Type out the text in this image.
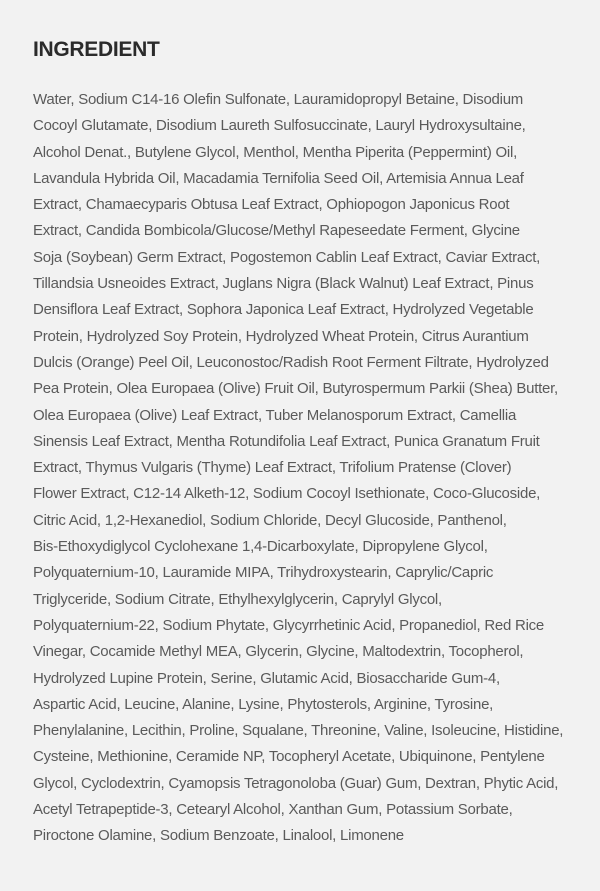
INGREDIENT

Water, Sodium C14-16 Olefin Sulfonate, Lauramidopropyl Betaine, Disodium
Cocoyl Glutamate, Disodium Laureth Sulfosuccinate, Lauryl Hydroxysultaine,
Alcohol Denat., Butylene Glycol, Menthol, Mentha Piperita (Peppermint) Oil,
Lavandula Hybrida Oil, Macadamia Ternifolia Seed Oil, Artemisia Annua Leaf
Extract, Chamaecyparis Obtusa Leaf Extract, Ophiopogon Japonicus Root
Extract, Candida Bombicola/Glucose/Methyl Rapeseedate Ferment, Glycine
Soja (Soybean) Germ Extract, Pogostemon Cablin Leaf Extract, Caviar Extract,
Tillandsia Usneoides Extract, Juglans Nigra (Black Walnut) Leaf Extract, Pinus
Densiflora Leaf Extract, Sophora Japonica Leaf Extract, Hydrolyzed Vegetable
Protein, Hydrolyzed Soy Protein, Hydrolyzed Wheat Protein, Citrus Aurantium
Dulcis (Orange) Peel Oil, Leuconostoc/Radish Root Ferment Filtrate, Hydrolyzed
Pea Protein, Olea Europaea (Olive) Fruit Oil, Butyrospermum Parkii (Shea) Butter,
Olea Europaea (Olive) Leaf Extract, Tuber Melanosporum Extract, Camellia
Sinensis Leaf Extract, Mentha Rotundifolia Leaf Extract, Punica Granatum Fruit
Extract, Thymus Vulgaris (Thyme) Leaf Extract, Trifolium Pratense (Clover)
Flower Extract, C12-14 Alketh-12, Sodium Cocoyl Isethionate, Coco-Glucoside,
Citric Acid, 1,2-Hexanediol, Sodium Chloride, Decyl Glucoside, Panthenol,
Bis-Ethoxydiglycol Cyclohexane 1,4-Dicarboxylate, Dipropylene Glycol,
Polyquaternium-10, Lauramide MIPA, Trihydroxystearin, Caprylic/Capric
Triglyceride, Sodium Citrate, Ethylhexylglycerin, Caprylyl Glycol,
Polyquaternium-22, Sodium Phytate, Glycyrrhetinic Acid, Propanediol, Red Rice
Vinegar, Cocamide Methyl MEA, Glycerin, Glycine, Maltodextrin, Tocopherol,
Hydrolyzed Lupine Protein, Serine, Glutamic Acid, Biosaccharide Gum-4,
Aspartic Acid, Leucine, Alanine, Lysine, Phytosterols, Arginine, Tyrosine,
Phenylalanine, Lecithin, Proline, Squalane, Threonine, Valine, Isoleucine, Histidine,
Cysteine, Methionine, Ceramide NP, Tocopheryl Acetate, Ubiquinone, Pentylene
Glycol, Cyclodextrin, Cyamopsis Tetragonoloba (Guar) Gum, Dextran, Phytic Acid,
Acetyl Tetrapeptide-3, Cetearyl Alcohol, Xanthan Gum, Potassium Sorbate,
Piroctone Olamine, Sodium Benzoate, Linalool, Limonene
